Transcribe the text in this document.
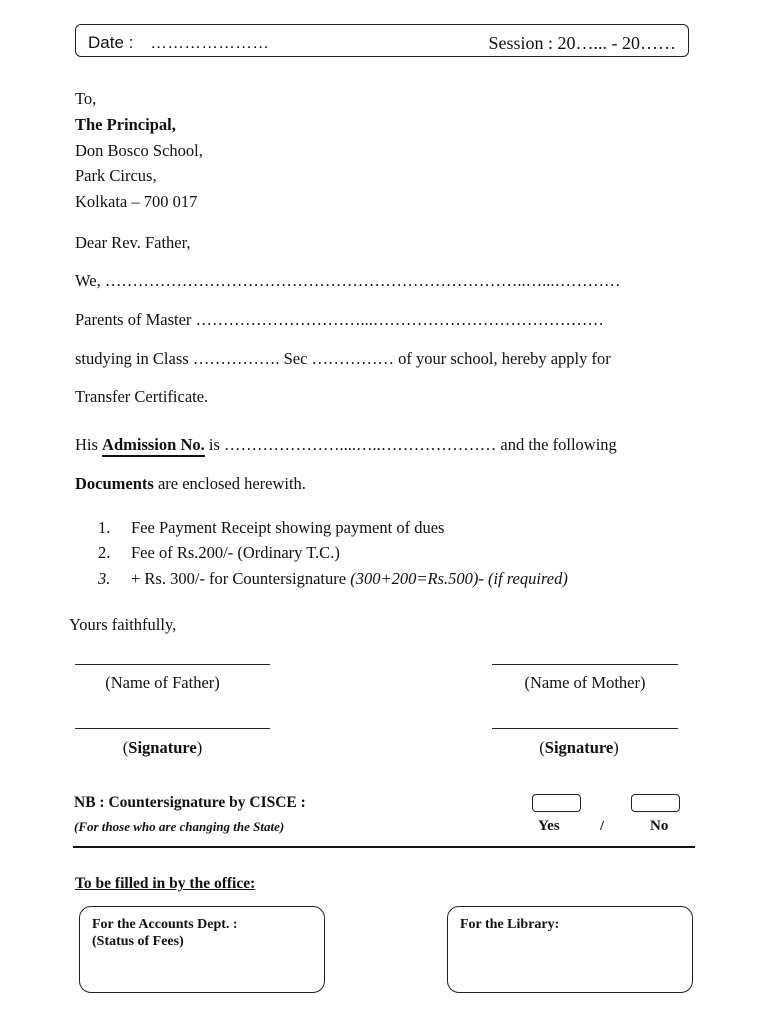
Date : …………………	Session : 20…... - 20……
To,
The Principal,
Don Bosco School,
Park Circus,
Kolkata – 700 017
Dear Rev. Father,
We, …………………………………………………………………..…...…………
Parents of Master …………………………...……………………………………
studying in Class ……………. Sec …………… of your school, hereby apply for
Transfer Certificate.
His Admission No. is …………………....…..………………… and the following
Documents are enclosed herewith.
1. Fee Payment Receipt showing payment of dues
2. Fee of Rs.200/- (Ordinary T.C.)
3. + Rs. 300/- for Countersignature (300+200=Rs.500)- (if required)
Yours faithfully,
(Name of Father)	(Name of Mother)
(Signature)	(Signature)
NB : Countersignature by CISCE :
(For those who are changing the State)	Yes	/	No
To be filled in by the office:
For the Accounts Dept. :
(Status of Fees)
For the Library:
